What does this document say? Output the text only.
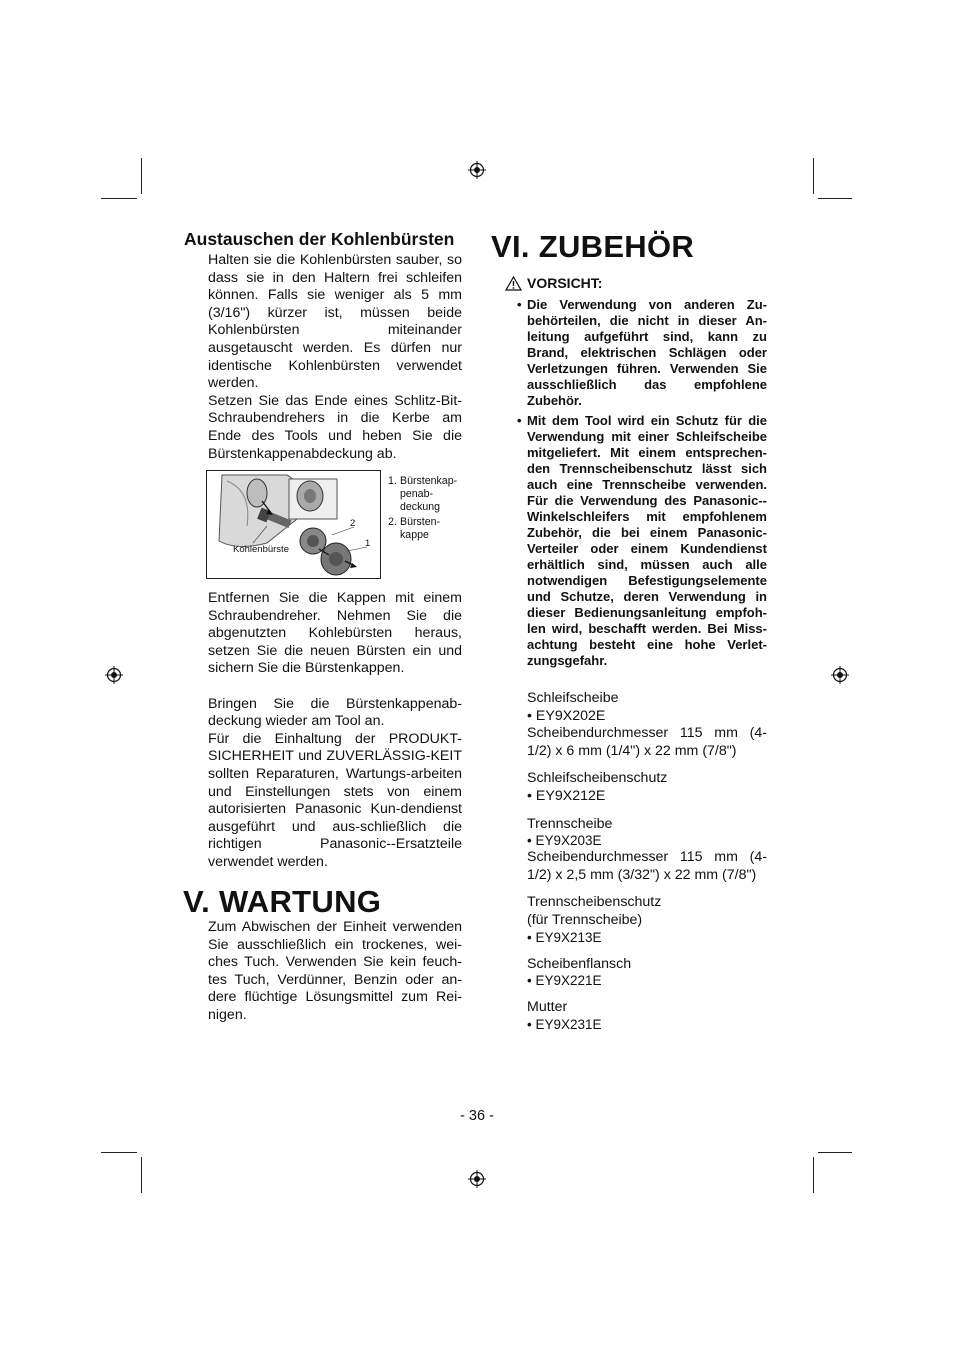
Austauschen der Kohlenbürsten

Halten sie die Kohlenbürsten sauber, so dass sie in den Haltern frei schleifen können. Falls sie weniger als 5 mm (3/16") kürzer ist, müssen beide Kohlenbürsten miteinander ausgetauscht werden. Es dürfen nur identische Kohlenbürsten verwendet werden.

Setzen Sie das Ende eines Schlitz-Bit-Schraubendrehers in die Kerbe am Ende des Tools und heben Sie die Bürstenkappenabdeckung ab.

Kohlenbürste
2
1
1. Bürstenkap-penab-deckung
2. Bürsten-kappe

Entfernen Sie die Kappen mit einem Schraubendreher. Nehmen Sie die abgenutzten Kohlebürsten heraus, setzen Sie die neuen Bürsten ein und sichern Sie die Bürstenkappen.

Bringen Sie die Bürstenkappenab-deckung wieder am Tool an.

Für die Einhaltung der PRODUKT-SICHERHEIT und ZUVERLÄSSIG-KEIT sollten Reparaturen, Wartungs-arbeiten und Einstellungen stets von einem autorisierten Panasonic Kun-dendienst ausgeführt und aus-schließlich die richtigen Panasonic--Ersatzteile verwendet werden.

V. WARTUNG

Zum Abwischen der Einheit verwenden Sie ausschließlich ein trockenes, wei-ches Tuch. Verwenden Sie kein feuch-tes Tuch, Verdünner, Benzin oder an-dere flüchtige Lösungsmittel zum Rei-nigen.

VI. ZUBEHÖR
VORSICHT:
• Die Verwendung von anderen Zu-behörteilen, die nicht in dieser An-leitung aufgeführt sind, kann zu Brand, elektrischen Schlägen oder Verletzungen führen. Verwenden Sie ausschließlich das empfohlene Zubehör.
• Mit dem Tool wird ein Schutz für die Verwendung mit einer Schleifscheibe mitgeliefert. Mit einem entsprechen-den Trennscheibenschutz lässt sich auch eine Trennscheibe verwenden. Für die Verwendung des Panasonic--Winkelschleifers mit empfohlenem Zubehör, die bei einem Panasonic-Verteiler oder einem Kundendienst erhältlich sind, müssen auch alle notwendigen Befestigungselemente und Schutze, deren Verwendung in dieser Bedienungsanleitung empfoh-len wird, beschafft werden. Bei Miss-achtung besteht eine hohe Verlet-zungsgefahr.
Schleifscheibe
• EY9X202E
Scheibendurchmesser 115 mm (4-1/2) x 6 mm (1/4") x 22 mm (7/8")
Schleifscheibenschutz
• EY9X212E
Trennscheibe
• EY9X203E
Scheibendurchmesser 115 mm (4-1/2) x 2,5 mm (3/32") x 22 mm (7/8")
Trennscheibenschutz
(für Trennscheibe)
• EY9X213E
Scheibenflansch
• EY9X221E
Mutter
• EY9X231E
- 36 -
